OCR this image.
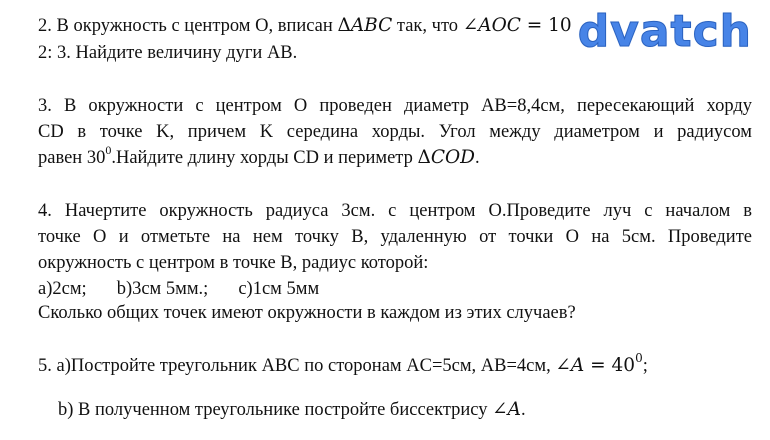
2. В окружность с центром О, вписан ΔABC так, что ∠AOC = 10
2: 3. Найдите величину дуги AB.
3. В окружности с центром О проведен диаметр AB=8,4см, пересекающий хорду
CD в точке K, причем K середина хорды. Угол между диаметром и радиусом
равен $30^0.Найдите$ длину хорды CD и периметр ΔCOD.
4. Начертите окружность радиуса 3см. с центром О.Проведите луч с началом в
точке О и отметьте на нем точку B, удаленную от точки О на 5см. Проведите
окружность с центром в точке B, радиус которой:
а)2см; b)3см 5мм.; c)1см 5мм
Сколько общих точек имеют окружности в каждом из этих случаев?
5. а)Постройте треугольник ABC по сторонам AC=5см, AB=4см, ∠A = $40^0$;
b) В полученном треугольнике постройте биссектрису ∠A.
dvatch
